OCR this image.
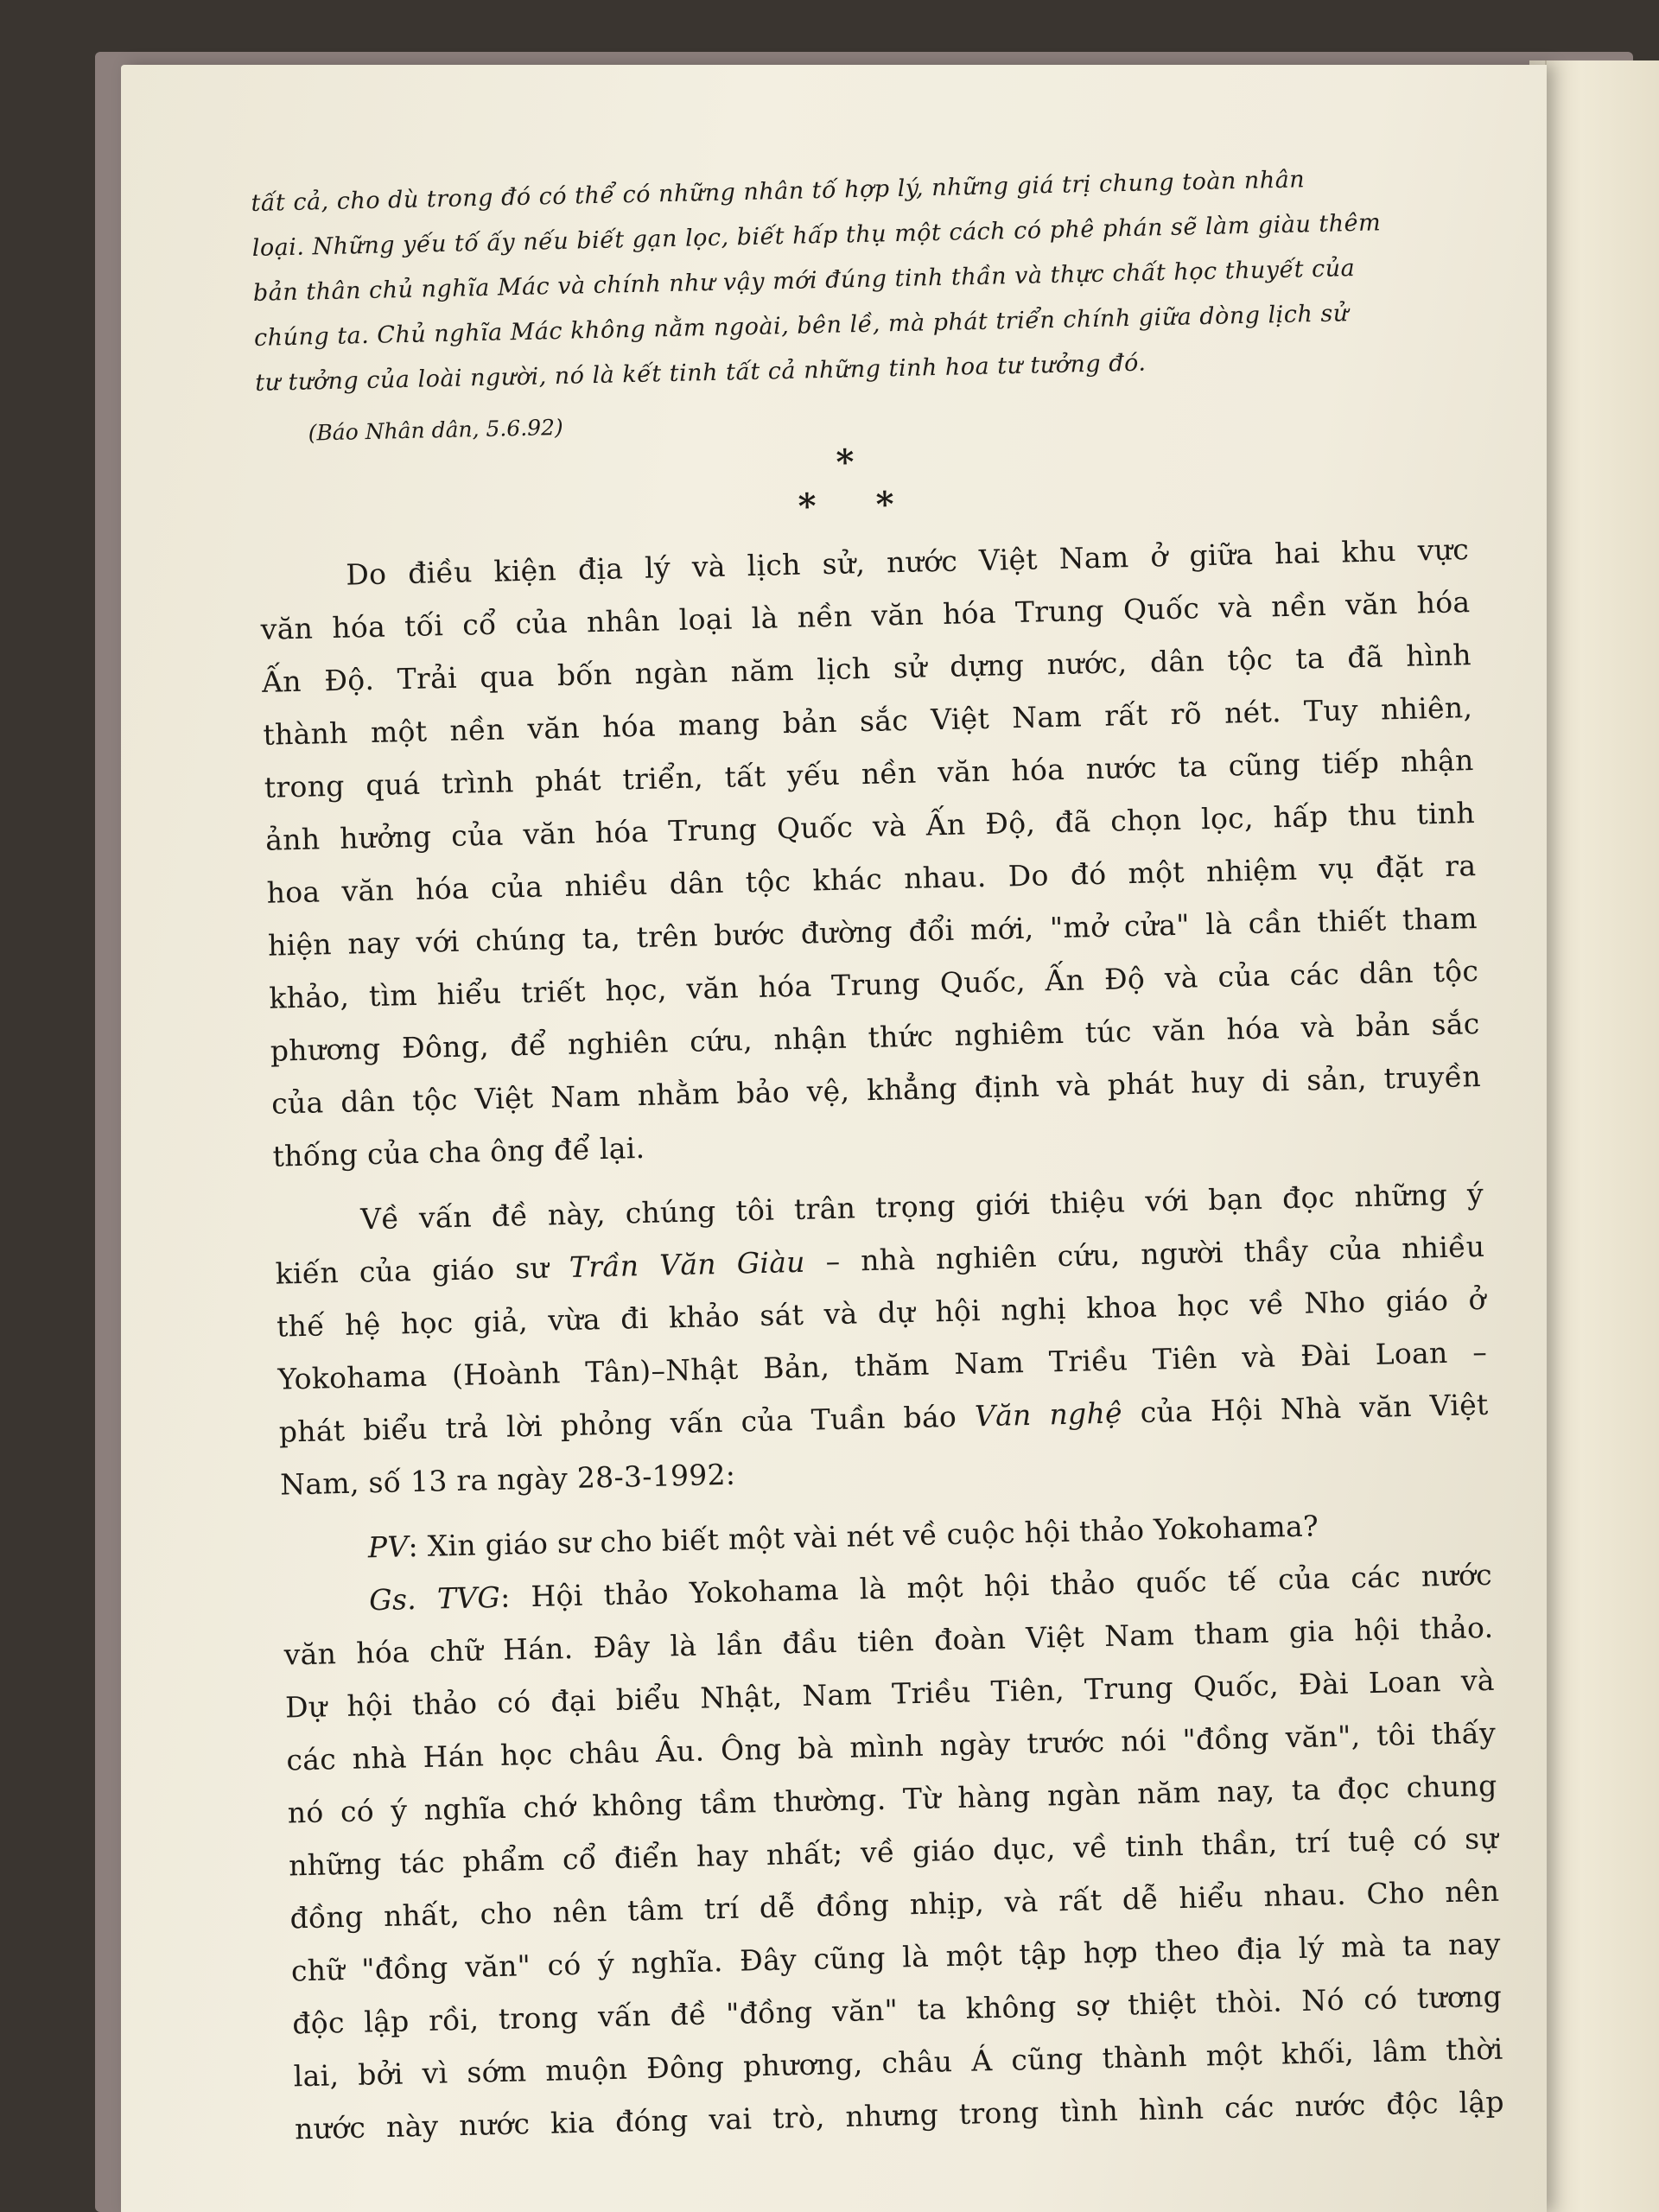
tất cả, cho dù trong đó có thể có những nhân tố hợp lý, những giá trị chung toàn nhân

loại. Những yếu tố ấy nếu biết gạn lọc, biết hấp thụ một cách có phê phán sẽ làm giàu thêm

bản thân chủ nghĩa Mác và chính như vậy mới đúng tinh thần và thực chất học thuyết của

chúng ta. Chủ nghĩa Mác không nằm ngoài, bên lề, mà phát triển chính giữa dòng lịch sử

tư tưởng của loài người, nó là kết tinh tất cả những tinh hoa tư tưởng đó.

(Báo Nhân dân, 5.6.92)

*
* *

Do điều kiện địa lý và lịch sử, nước Việt Nam ở giữa hai khu vực

văn hóa tối cổ của nhân loại là nền văn hóa Trung Quốc và nền văn hóa

Ấn Độ. Trải qua bốn ngàn năm lịch sử dựng nước, dân tộc ta đã hình

thành một nền văn hóa mang bản sắc Việt Nam rất rõ nét. Tuy nhiên,

trong quá trình phát triển, tất yếu nền văn hóa nước ta cũng tiếp nhận

ảnh hưởng của văn hóa Trung Quốc và Ấn Độ, đã chọn lọc, hấp thu tinh

hoa văn hóa của nhiều dân tộc khác nhau. Do đó một nhiệm vụ đặt ra

hiện nay với chúng ta, trên bước đường đổi mới, "mở cửa" là cần thiết tham

khảo, tìm hiểu triết học, văn hóa Trung Quốc, Ấn Độ và của các dân tộc

phương Đông, để nghiên cứu, nhận thức nghiêm túc văn hóa và bản sắc

của dân tộc Việt Nam nhằm bảo vệ, khẳng định và phát huy di sản, truyền

thống của cha ông để lại.

Về vấn đề này, chúng tôi trân trọng giới thiệu với bạn đọc những ý

kiến của giáo sư Trần Văn Giàu – nhà nghiên cứu, người thầy của nhiều

thế hệ học giả, vừa đi khảo sát và dự hội nghị khoa học về Nho giáo ở

Yokohama (Hoành Tân)–Nhật Bản, thăm Nam Triều Tiên và Đài Loan –

phát biểu trả lời phỏng vấn của Tuần báo Văn nghệ của Hội Nhà văn Việt

Nam, số 13 ra ngày 28-3-1992:

PV: Xin giáo sư cho biết một vài nét về cuộc hội thảo Yokohama?

Gs. TVG: Hội thảo Yokohama là một hội thảo quốc tế của các nước

văn hóa chữ Hán. Đây là lần đầu tiên đoàn Việt Nam tham gia hội thảo.

Dự hội thảo có đại biểu Nhật, Nam Triều Tiên, Trung Quốc, Đài Loan và

các nhà Hán học châu Âu. Ông bà mình ngày trước nói "đồng văn", tôi thấy

nó có ý nghĩa chớ không tầm thường. Từ hàng ngàn năm nay, ta đọc chung

những tác phẩm cổ điển hay nhất; về giáo dục, về tinh thần, trí tuệ có sự

đồng nhất, cho nên tâm trí dễ đồng nhịp, và rất dễ hiểu nhau. Cho nên

chữ "đồng văn" có ý nghĩa. Đây cũng là một tập hợp theo địa lý mà ta nay

độc lập rồi, trong vấn đề "đồng văn" ta không sợ thiệt thòi. Nó có tương

lai, bởi vì sớm muộn Đông phương, châu Á cũng thành một khối, lâm thời

nước này nước kia đóng vai trò, nhưng trong tình hình các nước độc lập
